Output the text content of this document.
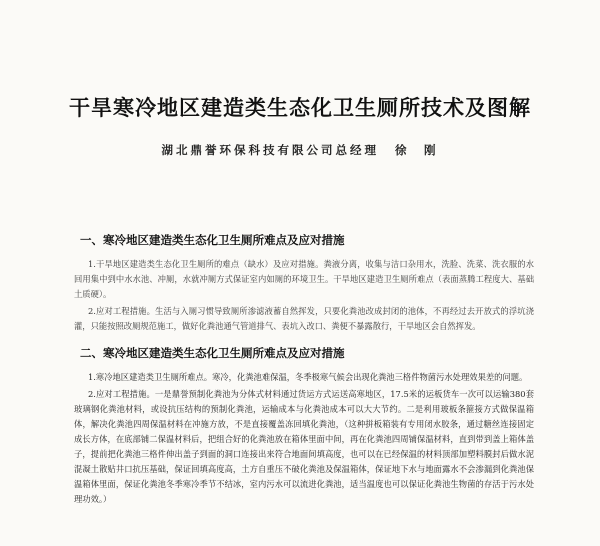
干旱寒冷地区建造类生态化卫生厕所技术及图解
湖北鼎誉环保科技有限公司总经理 徐　刚
一、寒冷地区建造类生态化卫生厕所难点及应对措施

1.干旱地区建造类生态化卫生厕所的难点（缺水）及应对措施。粪液分离，收集与洁口杂用水，洗脸、洗菜、洗衣服的水回用集中到中水水池、冲厕，水就冲厕方式保证室内如厕的环境卫生。干旱地区建造卫生厕所难点（表面蒸腾工程度大、基础土质硬）。

2.应对工程措施。生活与入厕习惯导致厕所渗滤液蓄自然挥发，只要化粪池改成封闭的池体，不再经过去开放式的浮坑浇灌，只能按照改厕规范施工，做好化粪池通气管道排气、表坑入改口、粪便不暴露散行，干旱地区会自然挥发。

二、寒冷地区建造类生态化卫生厕所难点及应对措施

1.寒冷地区建造类卫生厕所难点。寒冷，化粪池难保温，冬季极寒气候会出现化粪池三格件物菌污水处理效果差的问题。

2.应对工程措施。一是鼎誉预制化粪池为分体式材料通过货运方式运送高寒地区，17.5米的运板货车一次可以运输380套玻璃钢化粪池材料，或设抗压结构的预制化粪池，运输成本与化粪池成本可以大大节约。二是利用玻板条箍接方式做保温箱体，解决化粪池四周保温材料在冲施方放，不是直接覆盖冻回填化粪池，（这种拼板箱装有专用闭水胶条，通过糖丝连接固定成长方体，在底部铺二保温材料后，把组合好的化粪池放在箱体里面中间，再在化粪池四周铺保温材料，直到带到盖上箱体盖子，提前把化粪池三格件伸出盖子到面的洞口连接出来符合地面间填高度，也可以在已经保温的材料顶部加塑料膜封后做水泥混凝土散贴井口抗压基础，保证回填高度高，土方自重压不破化粪池及保温箱体，保证地下水与地面露水不会渗漏到化粪池保温箱体里面，保证化粪池冬季寒冷季节不结冰，室内污水可以流进化粪池，适当温度也可以保证化粪池生物菌的存活于污水处理功效。）
